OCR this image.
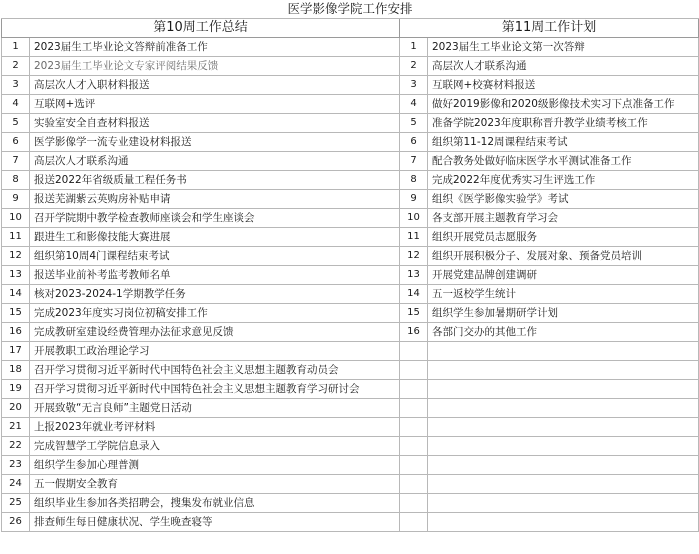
医学影像学院工作安排			
第10周工作总结		第11周工作计划	
1	2023届生工毕业论文答辩前准备工作	1	2023届生工毕业论文第一次答辩
2	2023届生工毕业论文专家评阅结果反馈	2	高层次人才联系沟通
3	高层次人才入职材料报送	3	互联网+校赛材料报送
4	互联网+选评	4	做好2019影像和2020级影像技术实习下点准备工作
5	实验室安全自查材料报送	5	准备学院2023年度职称晋升教学业绩考核工作
6	医学影像学一流专业建设材料报送	6	组织第11-12周课程结束考试
7	高层次人才联系沟通	7	配合教务处做好临床医学水平测试准备工作
8	报送2022年省级质量工程任务书	8	完成2022年度优秀实习生评选工作
9	报送芜湖紫云英购房补贴申请	9	组织《医学影像实验学》考试
10	召开学院期中教学检查教师座谈会和学生座谈会	10	各支部开展主题教育学习会
11	跟进生工和影像技能大赛进展	11	组织开展党员志愿服务
12	组织第10周4门课程结束考试	12	组织开展积极分子、发展对象、预备党员培训
13	报送毕业前补考监考教师名单	13	开展党建品牌创建调研
14	核对2023-2024-1学期教学任务	14	五一返校学生统计
15	完成2023年度实习岗位初稿安排工作	15	组织学生参加暑期研学计划
16	完成教研室建设经费管理办法征求意见反馈	16	各部门交办的其他工作
17	开展教职工政治理论学习		
18	召开学习贯彻习近平新时代中国特色社会主义思想主题教育动员会		
19	召开学习贯彻习近平新时代中国特色社会主义思想主题教育学习研讨会		
20	开展致敬“无言良师”主题党日活动		
21	上报2023年就业考评材料		
22	完成智慧学工学院信息录入		
23	组织学生参加心理普测		
24	五一假期安全教育		
25	组织毕业生参加各类招聘会，搜集发布就业信息		
26	排查师生每日健康状况、学生晚查寝等		
